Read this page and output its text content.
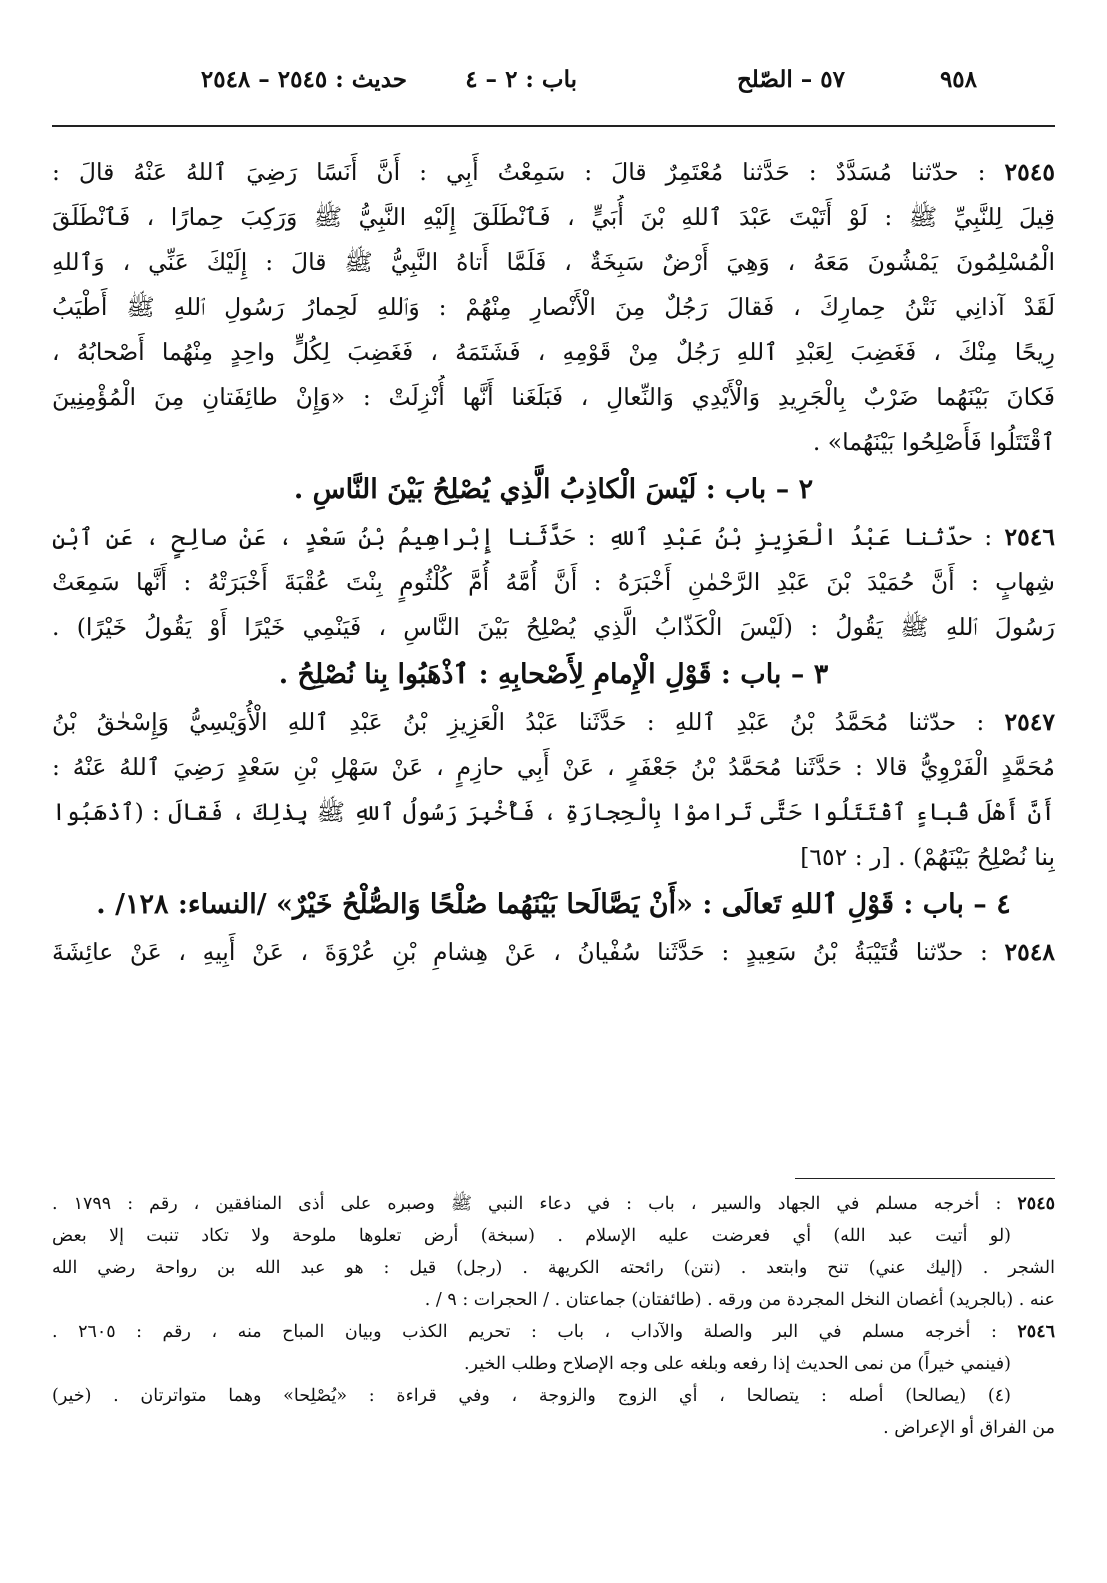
٩٥٨
٥٧ – الصّلح
باب : ٢ – ٤
حديث : ٢٥٤٥ – ٢٥٤٨

٢٥٤٥ : حدّثنا مُسَدَّدٌ : حَدَّثنا مُعْتَمِرٌ قالَ : سَمِعْتُ أَبِي : أَنَّ أَنَسًا رَضِيَ ٱللهُ عَنْهُ قالَ :
قِيلَ لِلنَّبِيِّ ﷺ : لَوْ أَتَيْتَ عَبْدَ ٱللهِ بْنَ أُبَيٍّ ، فَٱنْطَلَقَ إِلَيْهِ النَّبِيُّ ﷺ وَرَكِبَ حِمارًا ، فَٱنْطَلَقَ
الْمُسْلِمُونَ يَمْشُونَ مَعَهُ ، وَهِيَ أَرْضٌ سَبِخَةٌ ، فَلَمَّا أَتاهُ النَّبِيُّ ﷺ قالَ : إِلَيْكَ عَنِّي ، وَٱللهِ
لَقَدْ آذانِي نَتْنُ حِمارِكَ ، فَقالَ رَجُلٌ مِنَ الْأَنْصارِ مِنْهُمْ : وَٱللهِ لَحِمارُ رَسُولِ ٱللهِ ﷺ أَطْيَبُ
رِيحًا مِنْكَ ، فَغَضِبَ لِعَبْدِ ٱللهِ رَجُلٌ مِنْ قَوْمِهِ ، فَشَتَمَهُ ، فَغَضِبَ لِكُلٍّ واحِدٍ مِنْهُما أَصْحابُهُ ،
فَكانَ بَيْنَهُما ضَرْبٌ بِالْجَرِيدِ وَالْأَيْدِي وَالنِّعالِ ، فَبَلَغَنا أَنَّها أُنْزِلَتْ : «وَإِنْ طائِفَتانِ مِنَ الْمُؤْمِنِينَ
ٱقْتَتَلُوا فَأَصْلِحُوا بَيْنَهُما» .

٢ – باب : لَيْسَ الْكاذِبُ الَّذِي يُصْلِحُ بَيْنَ النَّاسِ .

٢٥٤٦ : حدّثنا عَبْدُ الْعَزِيزِ بْنُ عَبْدِ ٱللهِ : حَدَّثَنا إِبْراهِيمُ بْنُ سَعْدٍ ، عَنْ صالِحٍ ، عَنِ ٱبْنِ
شِهابٍ : أَنَّ حُمَيْدَ بْنَ عَبْدِ الرَّحْمٰنِ أَخْبَرَهُ : أَنَّ أُمَّهُ أُمَّ كُلْثُومٍ بِنْتَ عُقْبَةَ أَخْبَرَتْهُ : أَنَّها سَمِعَتْ
رَسُولَ ٱللهِ ﷺ يَقُولُ : (لَيْسَ الْكَذّابُ الَّذِي يُصْلِحُ بَيْنَ النَّاسِ ، فَيَنْمِي خَيْرًا أَوْ يَقُولُ خَيْرًا) .

٣ – باب : قَوْلِ الْإِمامِ لِأَصْحابِهِ : ٱذْهَبُوا بِنا نُصْلِحُ .

٢٥٤٧ : حدّثنا مُحَمَّدُ بْنُ عَبْدِ ٱللهِ : حَدَّثَنا عَبْدُ الْعَزِيزِ بْنُ عَبْدِ ٱللهِ الْأُوَيْسِيُّ وَإِسْحٰقُ بْنُ
مُحَمَّدٍ الْفَرْوِيُّ قالا : حَدَّثَنا مُحَمَّدُ بْنُ جَعْفَرٍ ، عَنْ أَبِي حازِمٍ ، عَنْ سَهْلِ بْنِ سَعْدٍ رَضِيَ ٱللهُ عَنْهُ :
أَنَّ أَهْلَ قُباءٍ ٱقْتَتَلُوا حَتَّى تَراموْا بِالْحِجارَةِ ، فَأُخْبِرَ رَسُولُ ٱللهِ ﷺ بِذٰلِكَ ، فَقالَ : (ٱذْهَبُوا
بِنا نُصْلِحُ بَيْنَهُمْ) . [ر : ٦٥٢]

٤ – باب : قَوْلِ ٱللهِ تَعالَى : «أَنْ يَصَّالَحا بَيْنَهُما صُلْحًا وَالصُّلْحُ خَيْرٌ» /النساء: ١٢٨/ .

٢٥٤٨ : حدّثنا قُتَيْبَةُ بْنُ سَعِيدٍ : حَدَّثَنا سُفْيانُ ، عَنْ هِشامِ بْنِ عُرْوَةَ ، عَنْ أَبِيهِ ، عَنْ عائِشَةَ

٢٥٤٥ : أخرجه مسلم في الجهاد والسير ، باب : في دعاء النبي ﷺ وصبره على أذى المنافقين ، رقم : ١٧٩٩ .
(لو أتيت عبد الله) أي فعرضت عليه الإسلام . (سبخة) أرض تعلوها ملوحة ولا تكاد تنبت إلا بعض
الشجر . (إليك عني) تنح وابتعد . (نتن) رائحته الكريهة . (رجل) قيل : هو عبد الله بن رواحة رضي الله
عنه . (بالجريد) أغصان النخل المجردة من ورقه . (طائفتان) جماعتان . / الحجرات : ٩ / .
٢٥٤٦ : أخرجه مسلم في البر والصلة والآداب ، باب : تحريم الكذب وبيان المباح منه ، رقم : ٢٦٠٥ .
(فينمي خيراً) من نمى الحديث إذا رفعه وبلغه على وجه الإصلاح وطلب الخير.
(٤) (يصالحا) أصله : يتصالحا ، أي الزوج والزوجة ، وفي قراءة : «يُصْلِحا» وهما متواترتان . (خير)
من الفراق أو الإعراض .
